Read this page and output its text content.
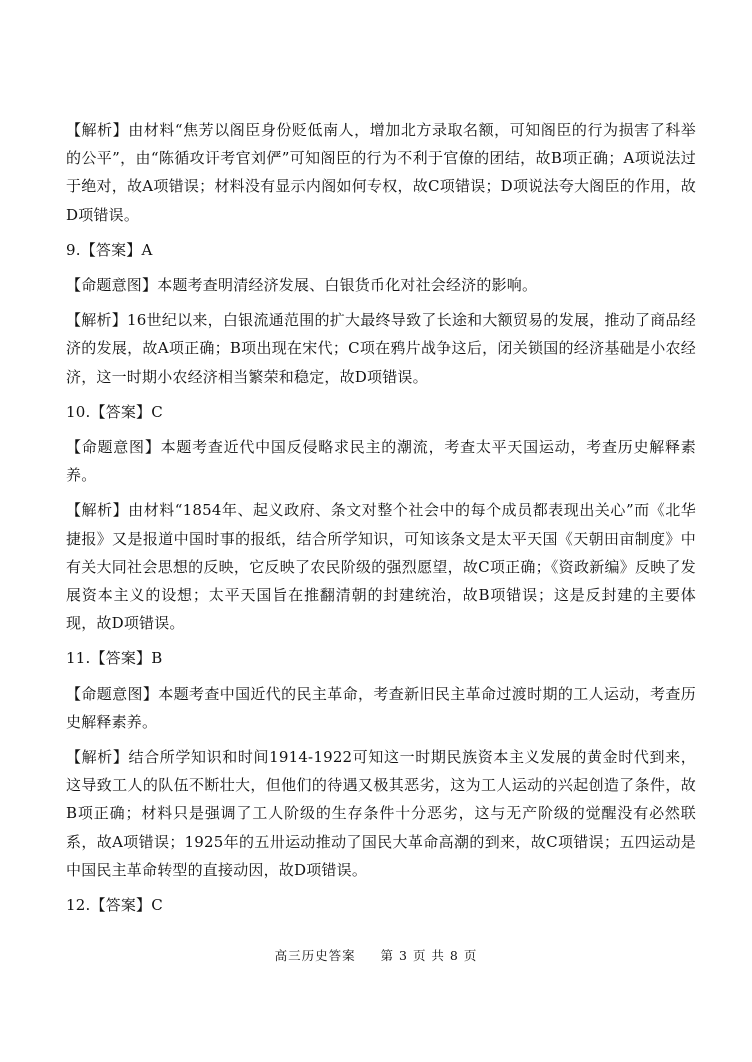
【解析】由材料“焦芳以阁臣身份贬低南人，增加北方录取名额，可知阁臣的行为损害了科举的公平”，由“陈循攻讦考官刘俨”可知阁臣的行为不利于官僚的团结，故B项正确；A项说法过于绝对，故A项错误；材料没有显示内阁如何专权，故C项错误；D项说法夸大阁臣的作用，故D项错误。

9.【答案】A

【命题意图】本题考查明清经济发展、白银货币化对社会经济的影响。

【解析】16世纪以来，白银流通范围的扩大最终导致了长途和大额贸易的发展，推动了商品经济的发展，故A项正确；B项出现在宋代；C项在鸦片战争这后，闭关锁国的经济基础是小农经济，这一时期小农经济相当繁荣和稳定，故D项错误。

10.【答案】C

【命题意图】本题考查近代中国反侵略求民主的潮流，考查太平天国运动，考查历史解释素养。

【解析】由材料“1854年、起义政府、条文对整个社会中的每个成员都表现出关心”而《北华捷报》又是报道中国时事的报纸，结合所学知识，可知该条文是太平天国《天朝田亩制度》中有关大同社会思想的反映，它反映了农民阶级的强烈愿望，故C项正确；《资政新编》反映了发展资本主义的设想；太平天国旨在推翻清朝的封建统治，故B项错误；这是反封建的主要体现，故D项错误。

11.【答案】B

【命题意图】本题考查中国近代的民主革命，考查新旧民主革命过渡时期的工人运动，考查历史解释素养。

【解析】结合所学知识和时间1914-1922可知这一时期民族资本主义发展的黄金时代到来，这导致工人的队伍不断壮大，但他们的待遇又极其恶劣，这为工人运动的兴起创造了条件，故B项正确；材料只是强调了工人阶级的生存条件十分恶劣，这与无产阶级的觉醒没有必然联系，故A项错误；1925年的五卅运动推动了国民大革命高潮的到来，故C项错误；五四运动是中国民主革命转型的直接动因，故D项错误。

12.【答案】C

高三历史答案 第 3 页 共 8 页
